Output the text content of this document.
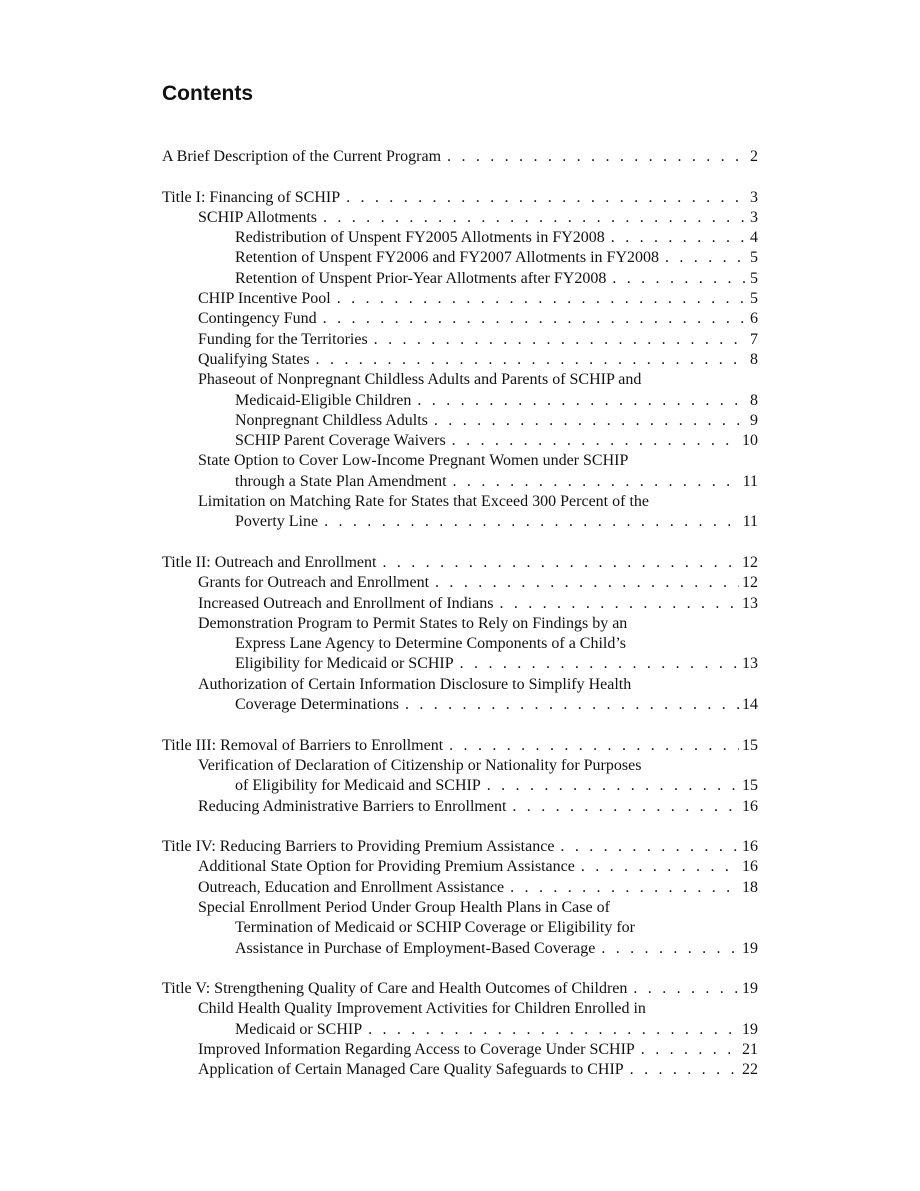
Contents
A Brief Description of the Current Program . . .	2
Title I: Financing of SCHIP . . .	3
SCHIP Allotments . . .	3
Redistribution of Unspent FY2005 Allotments in FY2008 . . .	4
Retention of Unspent FY2006 and FY2007 Allotments in FY2008 . . .	5
Retention of Unspent Prior-Year Allotments after FY2008 . . .	5
CHIP Incentive Pool . . .	5
Contingency Fund . . .	6
Funding for the Territories . . .	7
Qualifying States . . .	8
Phaseout of Nonpregnant Childless Adults and Parents of SCHIP and
Medicaid-Eligible Children . . .	8
Nonpregnant Childless Adults . . .	9
SCHIP Parent Coverage Waivers . . .	10
State Option to Cover Low-Income Pregnant Women under SCHIP
through a State Plan Amendment . . .	11
Limitation on Matching Rate for States that Exceed 300 Percent of the
Poverty Line . . .	11
Title II: Outreach and Enrollment . . .	12
Grants for Outreach and Enrollment . . .	12
Increased Outreach and Enrollment of Indians . . .	13
Demonstration Program to Permit States to Rely on Findings by an
Express Lane Agency to Determine Components of a Child’s
Eligibility for Medicaid or SCHIP . . .	13
Authorization of Certain Information Disclosure to Simplify Health
Coverage Determinations . . .	14
Title III: Removal of Barriers to Enrollment . . .	15
Verification of Declaration of Citizenship or Nationality for Purposes
of Eligibility for Medicaid and SCHIP . . .	15
Reducing Administrative Barriers to Enrollment . . .	16
Title IV: Reducing Barriers to Providing Premium Assistance . . .	16
Additional State Option for Providing Premium Assistance . . .	16
Outreach, Education and Enrollment Assistance . . .	18
Special Enrollment Period Under Group Health Plans in Case of
Termination of Medicaid or SCHIP Coverage or Eligibility for
Assistance in Purchase of Employment-Based Coverage . . .	19
Title V: Strengthening Quality of Care and Health Outcomes of Children . . .	19
Child Health Quality Improvement Activities for Children Enrolled in
Medicaid or SCHIP . . .	19
Improved Information Regarding Access to Coverage Under SCHIP . . .	21
Application of Certain Managed Care Quality Safeguards to CHIP . . .	22
